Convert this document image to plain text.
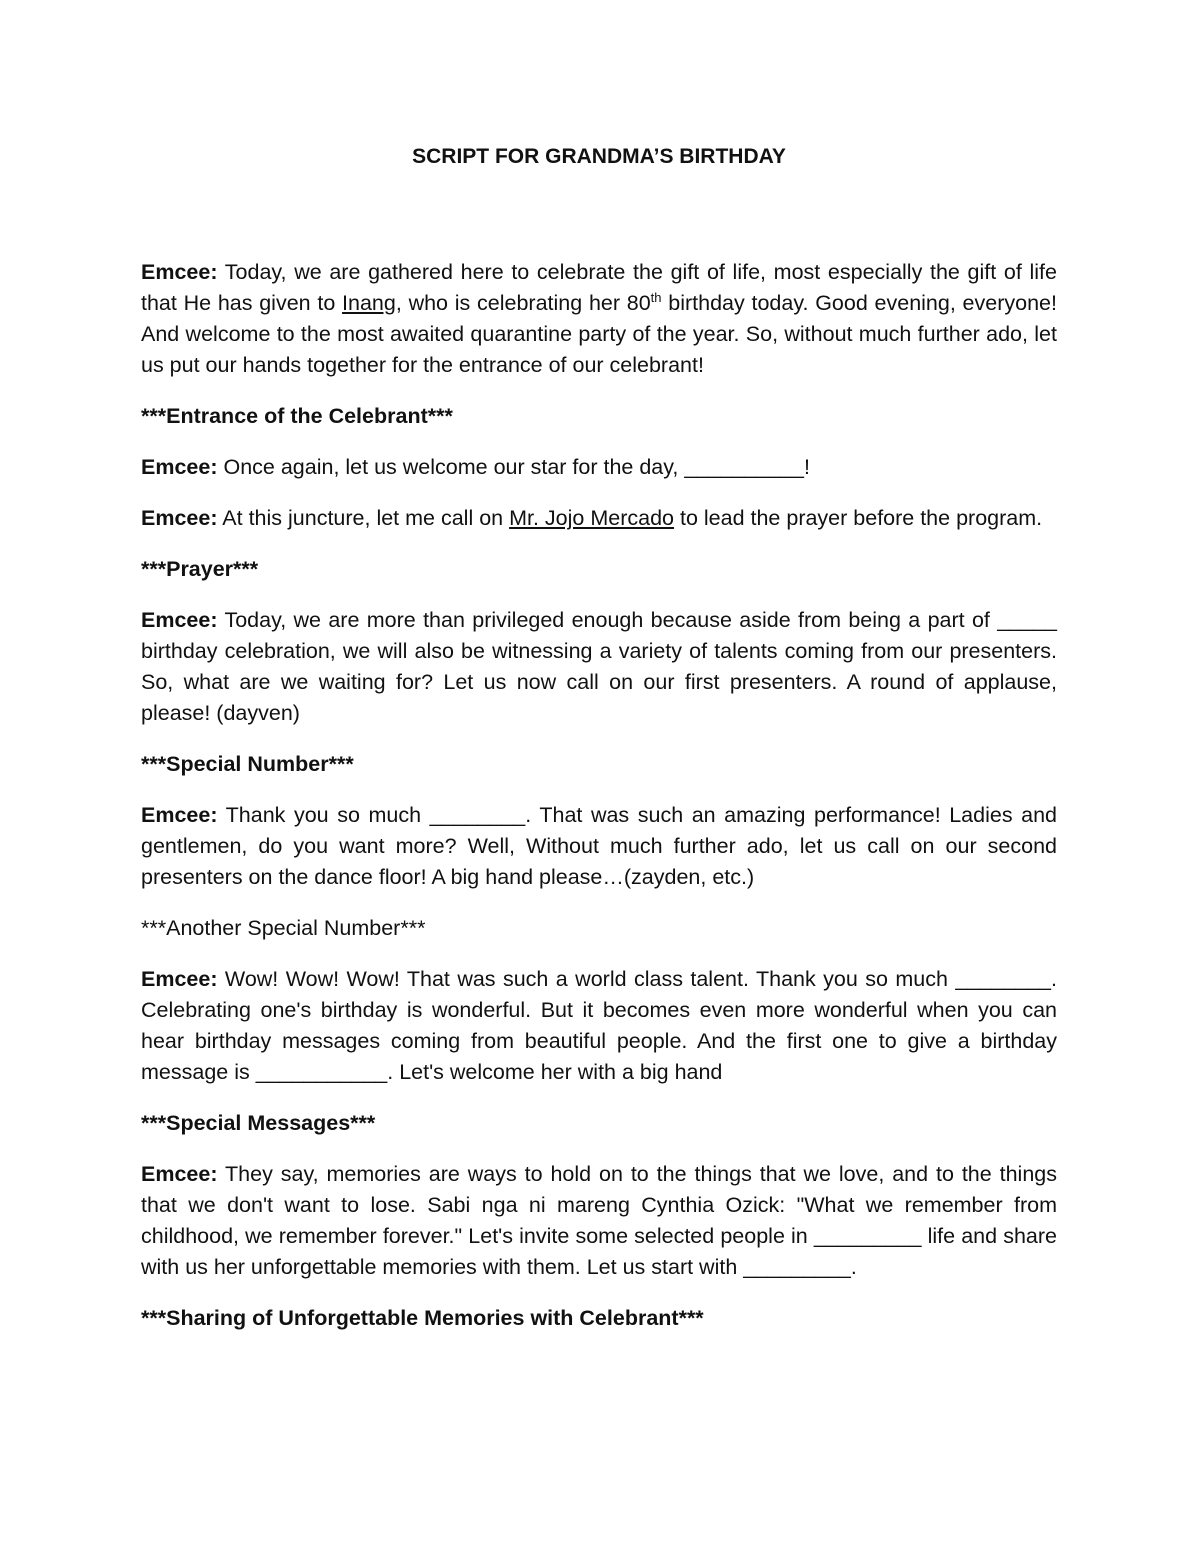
SCRIPT FOR GRANDMA’S BIRTHDAY

Emcee: Today, we are gathered here to celebrate the gift of life, most especially the gift of life that He has given to Inang, who is celebrating her 80th birthday today. Good evening, everyone! And welcome to the most awaited quarantine party of the year. So, without much further ado, let us put our hands together for the entrance of our celebrant!

***Entrance of the Celebrant***

Emcee: Once again, let us welcome our star for the day, __________!

Emcee: At this juncture, let me call on Mr. Jojo Mercado to lead the prayer before the program.

***Prayer***

Emcee: Today, we are more than privileged enough because aside from being a part of _____ birthday celebration, we will also be witnessing a variety of talents coming from our presenters. So, what are we waiting for? Let us now call on our first presenters. A round of applause, please! (dayven)

***Special Number***

Emcee: Thank you so much ________. That was such an amazing performance! Ladies and gentlemen, do you want more? Well, Without much further ado, let us call on our second presenters on the dance floor! A big hand please…(zayden, etc.)

***Another Special Number***

Emcee: Wow! Wow! Wow! That was such a world class talent. Thank you so much ________. Celebrating one's birthday is wonderful. But it becomes even more wonderful when you can hear birthday messages coming from beautiful people. And the first one to give a birthday message is ___________. Let's welcome her with a big hand

***Special Messages***

Emcee: They say, memories are ways to hold on to the things that we love, and to the things that we don't want to lose. Sabi nga ni mareng Cynthia Ozick: "What we remember from childhood, we remember forever." Let's invite some selected people in _________ life and share with us her unforgettable memories with them. Let us start with _________.

***Sharing of Unforgettable Memories with Celebrant***
